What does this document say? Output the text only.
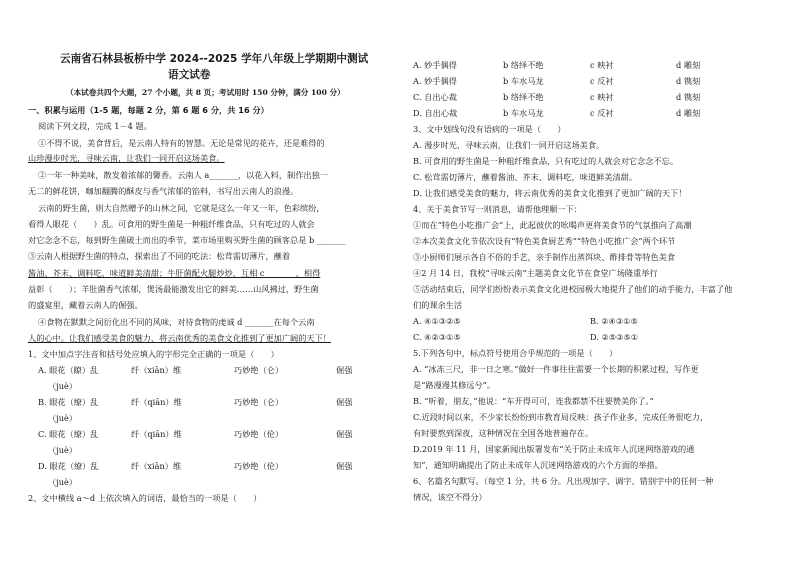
云南省石林县板桥中学 2024--2025 学年八年级上学期期中测试
语文试卷
（本试卷共四个大题，27 个小题，共 8 页；考试用时 150 分钟，满分 100 分）
一、积累与运用（1-5 题，每题 2 分，第 6 题 6 分，共 16 分）
阅读下列文段，完成 1－4 题。
①不得不说，美食背后，是云南人特有的智慧。无论是常见的花卉，还是难得的
山珍漫步时光，寻味云南，让我们一同开启这场美食。
②一年一种美味，散发着浓郁的馨香。云南人 a_______，以花入料，制作出独一
无二的鲜花饼，咖加翻腾的酥皮与香气浓郁的馅料，书写出云南人的浪漫。
云南的野生菌，则大自然赠予的山林之间，它就是这么一年又一年，色彩缤纷，
看得人眼花（　　）乱。可食用的野生菌是一种粗纤维食品，只有吃过的人就会
对它念念不忘，每到野生菌破土而出的季节，菜市场里购买野生菌的顾客总是 b _______
③云南人根据野生菌的特点，探索出了不同的吃法：松茸需切薄片，蘸着
酱油、芥末、调料吃，味道鲜美清甜；牛肝菌配火腿炒炒，互相 c _______，相得
益彰（　　）；羊肚菌香气浓郁，煲汤最能激发出它的鲜美……山风拂过，野生菌
的盛宴里，藏着云南人的倔强。
④食物在默默之间衍化出不同的风味，对待食物的虔诚 d _______在每个云南
人的心中。让我们感受美食的魅力，将云南优秀的美食文化推到了更加广阔的天下！
1、文中加点字注音和括号处应填入的字形完全正确的一项是（　　）
A. 眼花（瞭）乱	纤（xiān）维	巧妙绝（仑）	倔强
（juè）
B. 眼花（缭）乱	纤（qiān）维	巧妙绝（仑）	倔强
（juè）
C. 眼花（缭）乱	纤（qiān）维	巧妙绝（伦）	倔强
（juè）
D. 眼花（缭）乱	纤（xiān）维	巧妙绝（伦）	倔强
（juè）
2、文中横线 a～d 上依次填入的词语，最恰当的一项是（　　）
A. 妙手偶得	b 络绎不绝	c 映衬	d 雕刻
A. 妙手偶得	b 车水马龙	c 反衬	d 镌刻
C. 自出心裁	b 络绎不绝	c 映衬	d 镌刻
D. 自出心裁	b 车水马龙	c 反衬	d 雕刻
3、文中划线句没有语病的一项是（　　）
A. 漫步时光，寻味云南，让我们一同开启这场美食。
B. 可食用的野生菌是一种粗纤维食品，只有吃过的人就会对它念念不忘。
C. 松茸需切薄片，蘸着酱油、芥末、调料吃，味道鲜美清甜。
D. 让我们感受美食的魅力，将云南优秀的美食文化推到了更加广阔的天下！
4、关于美食节写一则消息，请帮他理顺一下：
①而在“特色小吃推广会”上，此起彼伏的吆喝声更将美食节的气氛推向了高潮
②本次美食文化节依次设有“特色美食厨艺秀”“特色小吃推广会”两个环节
③小厨师们展示各自不俗的手艺，亲手制作出蒸饵块、酢排骨等特色美食
④2 月 14 日，我校“寻味云南”主题美食文化节在食堂广场隆重举行
⑤活动结束后，同学们纷纷表示美食文化进校园极大地提升了他们的动手能力，丰富了他
们的课余生活
A. ④①③②⑤	B. ②④③①⑤
C. ④②③①⑤	D. ②⑤③⑤①
5.下列各句中，标点符号使用合乎规范的一项是（　　）
A. “冰冻三尺，非一日之寒。”做好一件事往往需要一个长期的积累过程，写作更
是“路漫漫其修远兮”。
B. “听着，朋友，”他说：“车开得可可，连我都禁不住要赞美你了。”
C.近段时间以来，不少家长纷纷到市教育局反映：孩子作业多，完成任务很吃力，
有时要熬到深夜，这种情况在全国各地普遍存在。
D.2019 年 11 月，国家新闻出版署发布“关于防止未成年人沉迷网络游戏的通
知”，通知明确提出了防止未成年人沉迷网络游戏的六个方面的举措。
6、名篇名句默写。（每空 1 分，共 6 分。凡出现加字、调字、错别字中的任何一种
情况，该空不得分）
